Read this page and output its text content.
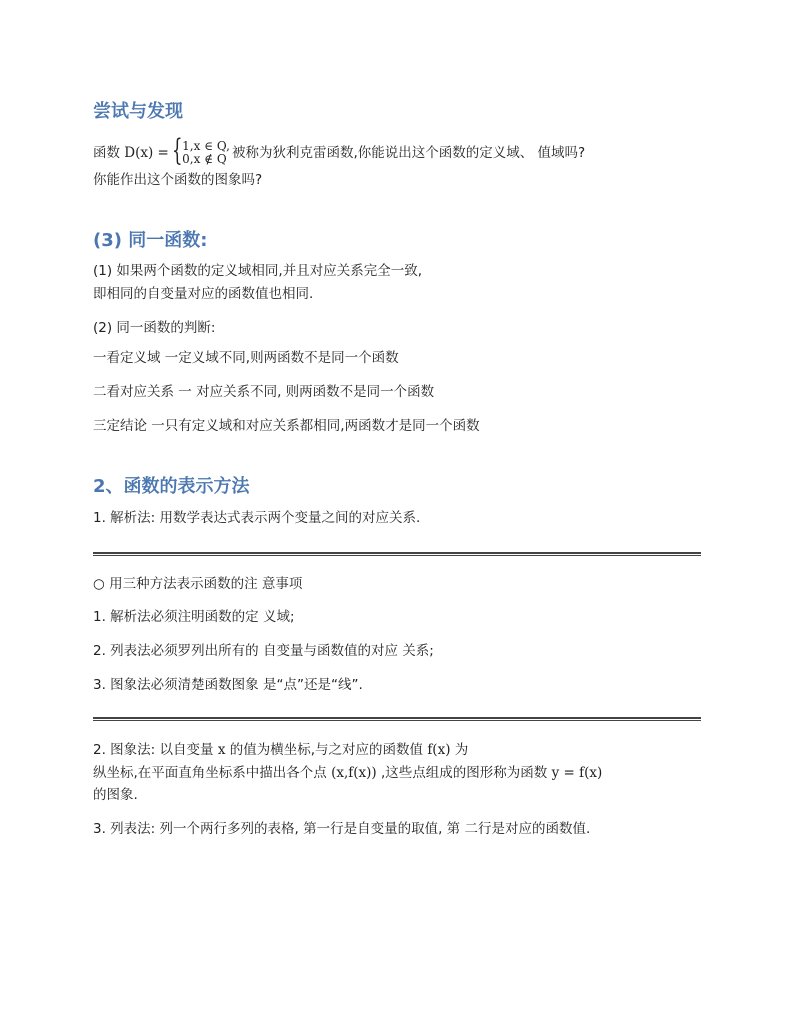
尝试与发现

函数 D(x) = { 1,x ∈ Q,
0,x ∉ Q 被称为狄利克雷函数,你能说出这个函数的定义域、 值域吗?

你能作出这个函数的图象吗?

(3) 同一函数:

(1) 如果两个函数的定义域相同,并且对应关系完全一致,

即相同的自变量对应的函数值也相同.

(2) 同一函数的判断:

一看定义域 一定义域不同,则两函数不是同一个函数

二看对应关系 一 对应关系不同, 则两函数不是同一个函数

三定结论 一只有定义域和对应关系都相同,两函数才是同一个函数

2、函数的表示方法

1. 解析法: 用数学表达式表示两个变量之间的对应关系.

○ 用三种方法表示函数的注 意事项

1. 解析法必须注明函数的定 义域;

2. 列表法必须罗列出所有的 自变量与函数值的对应 关系;

3. 图象法必须清楚函数图象 是“点”还是“线”.

2. 图象法: 以自变量 x 的值为横坐标,与之对应的函数值 f(x) 为

纵坐标,在平面直角坐标系中描出各个点 (x,f(x)) ,这些点组成的图形称为函数 y = f(x)

的图象.

3. 列表法: 列一个两行多列的表格, 第一行是自变量的取值, 第 二行是对应的函数值.
